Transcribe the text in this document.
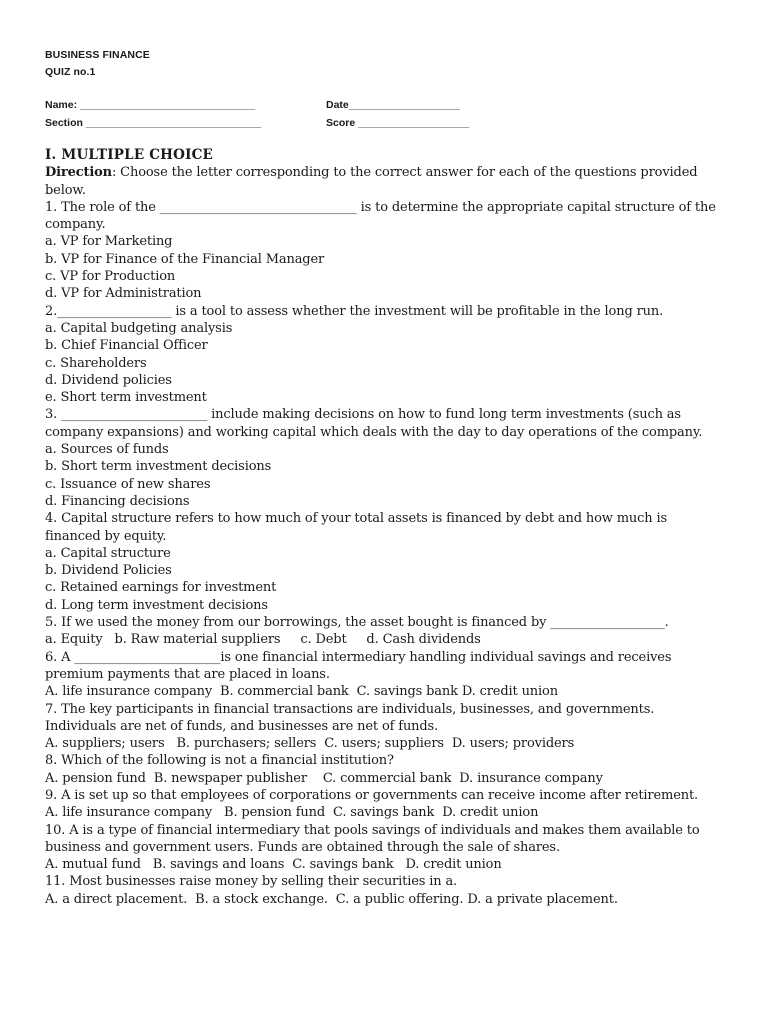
BUSINESS FINANCE
QUIZ no.1
Name: ______________________________	Date___________________
Section ______________________________	Score ___________________

I. MULTIPLE CHOICE

Direction: Choose the letter corresponding to the correct answer for each of the questions provided below.

1. The role of the _______________________________ is to determine the appropriate capital structure of the company.

a. VP for Marketing

b. VP for Finance of the Financial Manager

c. VP for Production

d. VP for Administration

2.__________________ is a tool to assess whether the investment will be profitable in the long run.

a. Capital budgeting analysis

b. Chief Financial Officer

c. Shareholders

d. Dividend policies

e. Short term investment

3. _______________________ include making decisions on how to fund long term investments (such as company expansions) and working capital which deals with the day to day operations of the company.

a. Sources of funds

b. Short term investment decisions

c. Issuance of new shares

d. Financing decisions

4. Capital structure refers to how much of your total assets is financed by debt and how much is financed by equity.

a. Capital structure

b. Dividend Policies

c. Retained earnings for investment

d. Long term investment decisions

5. If we used the money from our borrowings, the asset bought is financed by __________________.

a. Equity   b. Raw material suppliers     c. Debt     d. Cash dividends

6. A _______________________is one financial intermediary handling individual savings and receives premium payments that are placed in loans.

A. life insurance company  B. commercial bank  C. savings bank D. credit union

7. The key participants in financial transactions are individuals, businesses, and governments. Individuals are net of funds, and businesses are net of funds.

A. suppliers; users   B. purchasers; sellers  C. users; suppliers  D. users; providers

8. Which of the following is not a financial institution?

A. pension fund  B. newspaper publisher    C. commercial bank  D. insurance company

9. A is set up so that employees of corporations or governments can receive income after retirement.

A. life insurance company   B. pension fund  C. savings bank  D. credit union

10. A is a type of financial intermediary that pools savings of individuals and makes them available to business and government users. Funds are obtained through the sale of shares.

A. mutual fund   B. savings and loans  C. savings bank   D. credit union

11. Most businesses raise money by selling their securities in a.

A. a direct placement.  B. a stock exchange.  C. a public offering. D. a private placement.
